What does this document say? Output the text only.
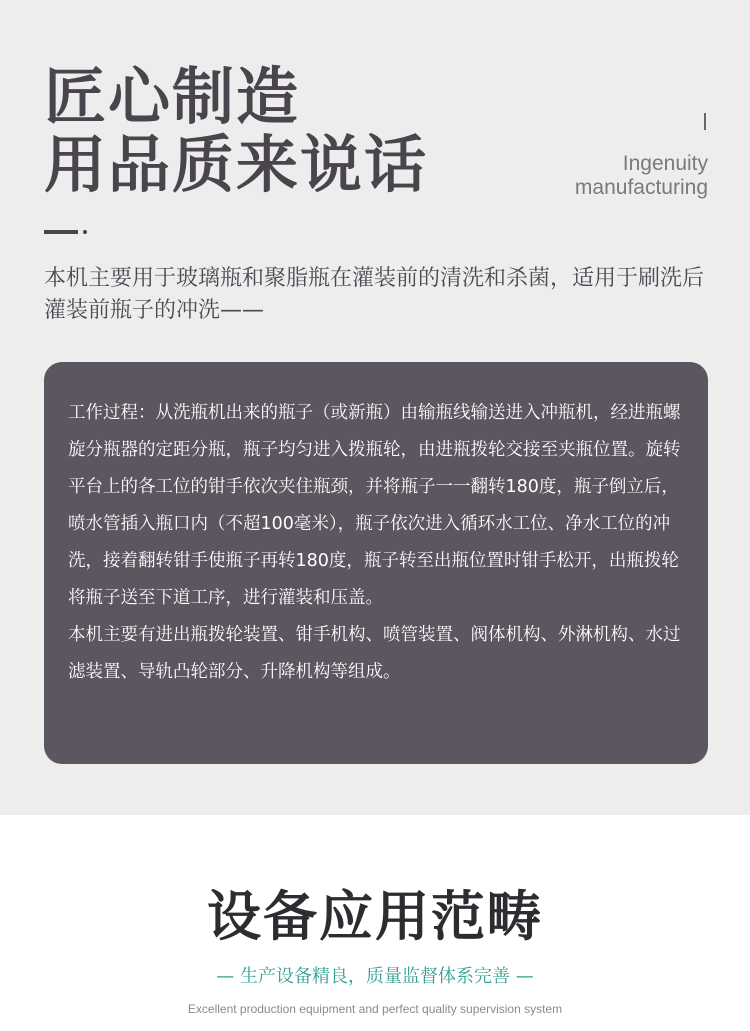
匠心制造
用品质来说话	Ingenuity
manufacturing

本机主要用于玻璃瓶和聚脂瓶在灌装前的清洗和杀菌，适用于刷洗后灌装前瓶子的冲洗——

工作过程：从洗瓶机出来的瓶子（或新瓶）由输瓶线输送进入冲瓶机，经进瓶螺旋分瓶器的定距分瓶，瓶子均匀进入拨瓶轮，由进瓶拨轮交接至夹瓶位置。旋转平台上的各工位的钳手依次夹住瓶颈，并将瓶子一一翻转180度，瓶子倒立后，喷水管插入瓶口内（不超100毫米），瓶子依次进入循环水工位、净水工位的冲洗，接着翻转钳手使瓶子再转180度，瓶子转至出瓶位置时钳手松开，出瓶拨轮将瓶子送至下道工序，进行灌装和压盖。

本机主要有进出瓶拨轮装置、钳手机构、喷管装置、阀体机构、外淋机构、水过滤装置、导轨凸轮部分、升降机构等组成。

设备应用范畴
— 生产设备精良，质量监督体系完善 —
Excellent production equipment and perfect quality supervision system
